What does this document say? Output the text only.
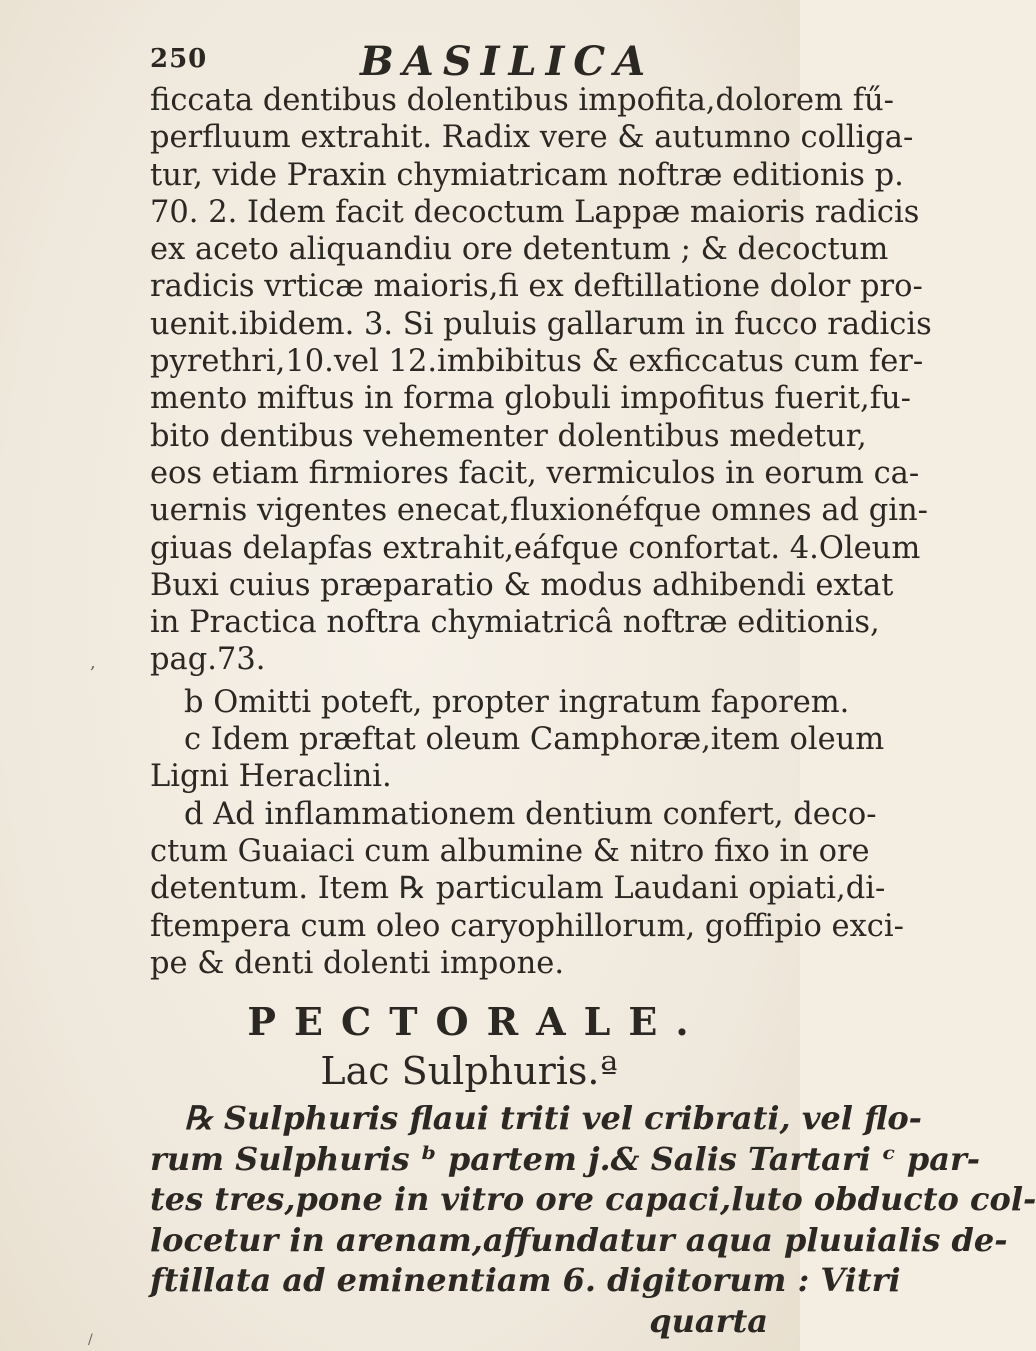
250	BASILICA
ficcata dentibus dolentibus impofita,dolorem fű-
perfluum extrahit. Radix vere & autumno colliga-
tur, vide Praxin chymiatricam noftræ editionis p.
70. 2. Idem facit decoctum Lappæ maioris radicis
ex aceto aliquandiu ore detentum ; & decoctum
radicis vrticæ maioris,fi ex deftillatione dolor pro-
uenit.ibidem. 3. Si puluis gallarum in fucco radicis
pyrethri,10.vel 12.imbibitus & exficcatus cum fer-
mento miftus in forma globuli impofitus fuerit,fu-
bito dentibus vehementer dolentibus medetur,
eos etiam firmiores facit, vermiculos in eorum ca-
uernis vigentes enecat,fluxionéfque omnes ad gin-
giuas delapfas extrahit,eáfque confortat. 4.Oleum
Buxi cuius præparatio & modus adhibendi extat
in Practica noftra chymiatricâ noftræ editionis,
pag.73.
b Omitti poteft, propter ingratum faporem.
c Idem præftat oleum Camphoræ,item oleum
Ligni Heraclini.
d Ad inflammationem dentium confert, deco-
ctum Guaiaci cum albumine & nitro fixo in ore
detentum. Item ℞ particulam Laudani opiati,di-
ftempera cum oleo caryophillorum, goffipio exci-
pe & denti dolenti impone.
PECTORALE.
Lac Sulphuris.ª
℞ Sulphuris flaui triti vel cribrati, vel flo-
rum Sulphuris ᵇ partem j.& Salis Tartari ᶜ par-
tes tres,pone in vitro ore capaci,luto obducto col-
locetur in arenam,affundatur aqua pluuialis de-
ftillata ad eminentiam 6. digitorum : Vitri
quarta
,
/
